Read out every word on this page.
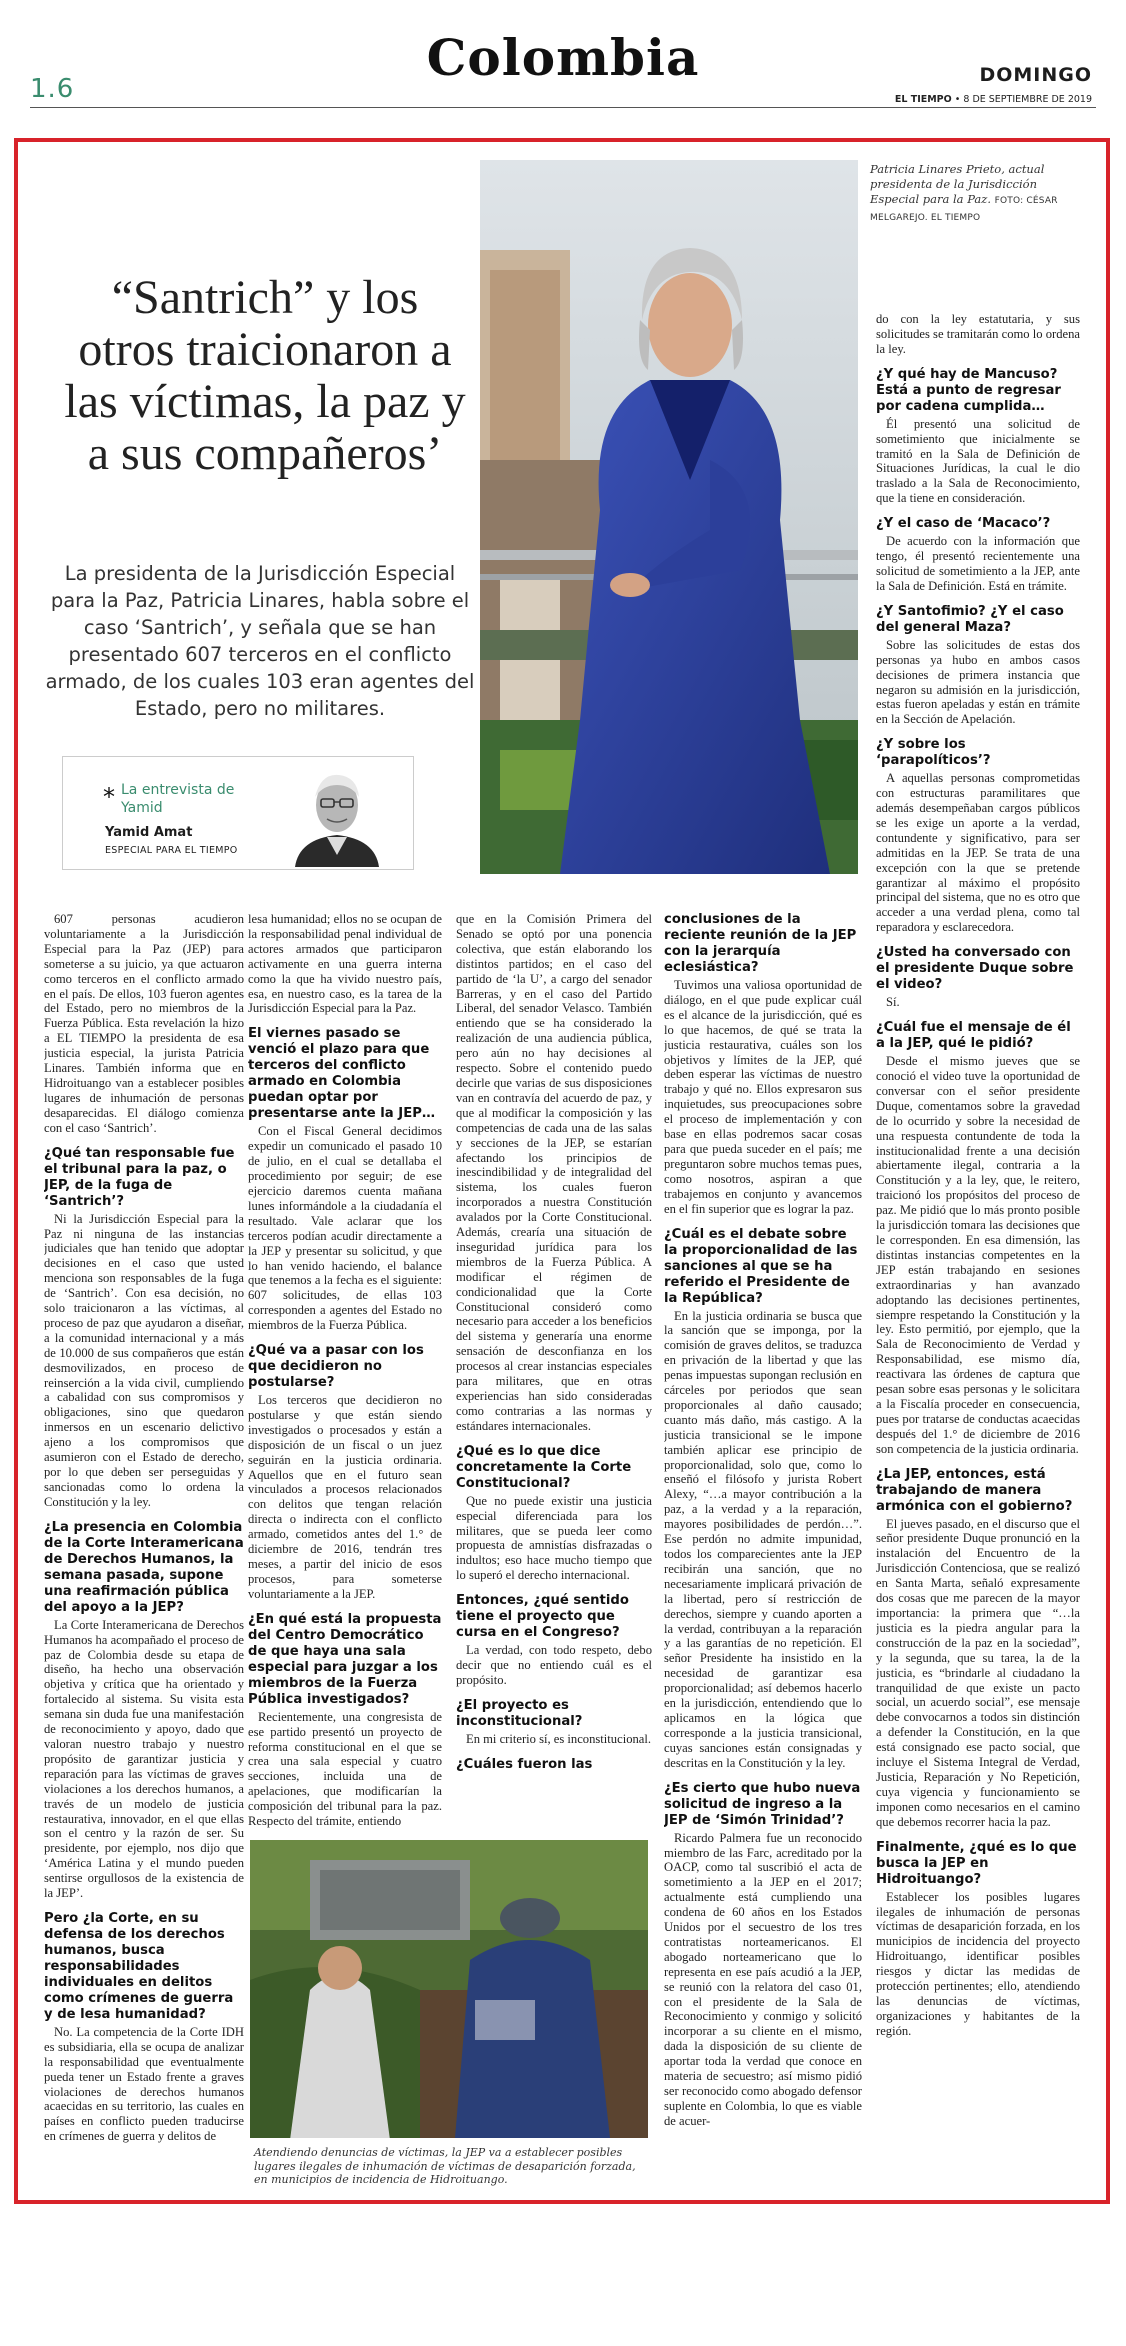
1.6
Colombia	DOMINGO
EL TIEMPO • 8 DE SEPTIEMBRE DE 2019
“Santrich” y los otros traicionaron a las víctimas, la paz y a sus compañeros’
La presidenta de la Jurisdicción Especial para la Paz, Patricia Linares, habla sobre el caso ‘Santrich’, y señala que se han presentado 607 terceros en el conflicto armado, de los cuales 103 eran agentes del Estado, pero no militares.
* La entrevista de Yamid
Yamid Amat
ESPECIAL PARA EL TIEMPO
Patricia Linares Prieto, actual presidenta de la Jurisdicción Especial para la Paz. FOTO: CÉSAR MELGAREJO. EL TIEMPO

607 personas acudieron voluntariamente a la Jurisdicción Especial para la Paz (JEP) para someterse a su juicio, ya que actuaron como terceros en el conflicto armado en el país. De ellos, 103 fueron agentes del Estado, pero no miembros de la Fuerza Pública. Esta revelación la hizo a EL TIEMPO la presidenta de esa justicia especial, la jurista Patricia Linares. También informa que en Hidroituango van a establecer posibles lugares de inhumación de personas desaparecidas. El diálogo comienza con el caso ‘Santrich’.

¿Qué tan responsable fue el tribunal para la paz, o JEP, de la fuga de ‘Santrich’?

Ni la Jurisdicción Especial para la Paz ni ninguna de las instancias judiciales que han tenido que adoptar decisiones en el caso que usted menciona son responsables de la fuga de ‘Santrich’. Con esa decisión, no solo traicionaron a las víctimas, al proceso de paz que ayudaron a diseñar, a la comunidad internacional y a más de 10.000 de sus compañeros que están desmovilizados, en proceso de reinserción a la vida civil, cumpliendo a cabalidad con sus compromisos y obligaciones, sino que quedaron inmersos en un escenario delictivo ajeno a los compromisos que asumieron con el Estado de derecho, por lo que deben ser perseguidas y sancionadas como lo ordena la Constitución y la ley.

¿La presencia en Colombia de la Corte Interamericana de Derechos Humanos, la semana pasada, supone una reafirmación pública del apoyo a la JEP?

La Corte Interamericana de Derechos Humanos ha acompañado el proceso de paz de Colombia desde su etapa de diseño, ha hecho una observación objetiva y crítica que ha orientado y fortalecido al sistema. Su visita esta semana sin duda fue una manifestación de reconocimiento y apoyo, dado que valoran nuestro trabajo y nuestro propósito de garantizar justicia y reparación para las víctimas de graves violaciones a los derechos humanos, a través de un modelo de justicia restaurativa, innovador, en el que ellas son el centro y la razón de ser. Su presidente, por ejemplo, nos dijo que ‘América Latina y el mundo pueden sentirse orgullosos de la existencia de la JEP’.

Pero ¿la Corte, en su defensa de los derechos humanos, busca responsabilidades individuales en delitos como crímenes de guerra y de lesa humanidad?

No. La competencia de la Corte IDH es subsidiaria, ella se ocupa de analizar la responsabilidad que eventualmente pueda tener un Estado frente a graves violaciones de derechos humanos acaecidas en su territorio, las cuales en países en conflicto pueden traducirse en crímenes de guerra y delitos de

lesa humanidad; ellos no se ocupan de la responsabilidad penal individual de actores armados que participaron activamente en una guerra interna como la que ha vivido nuestro país, esa, en nuestro caso, es la tarea de la Jurisdicción Especial para la Paz.

El viernes pasado se venció el plazo para que terceros del conflicto armado en Colombia puedan optar por presentarse ante la JEP…

Con el Fiscal General decidimos expedir un comunicado el pasado 10 de julio, en el cual se detallaba el procedimiento por seguir; de ese ejercicio daremos cuenta mañana lunes informándole a la ciudadanía el resultado. Vale aclarar que los terceros podían acudir directamente a la JEP y presentar su solicitud, y que lo han venido haciendo, el balance que tenemos a la fecha es el siguiente: 607 solicitudes, de ellas 103 corresponden a agentes del Estado no miembros de la Fuerza Pública.

¿Qué va a pasar con los que decidieron no postularse?

Los terceros que decidieron no postularse y que están siendo investigados o procesados y están a disposición de un fiscal o un juez seguirán en la justicia ordinaria. Aquellos que en el futuro sean vinculados a procesos relacionados con delitos que tengan relación directa o indirecta con el conflicto armado, cometidos antes del 1.° de diciembre de 2016, tendrán tres meses, a partir del inicio de esos procesos, para someterse voluntariamente a la JEP.

¿En qué está la propuesta del Centro Democrático de que haya una sala especial para juzgar a los miembros de la Fuerza Pública investigados?

Recientemente, una congresista de ese partido presentó un proyecto de reforma constitucional en el que se crea una sala especial y cuatro secciones, incluida una de apelaciones, que modificarían la composición del tribunal para la paz. Respecto del trámite, entiendo

que en la Comisión Primera del Senado se optó por una ponencia colectiva, que están elaborando los distintos partidos; en el caso del partido de ‘la U’, a cargo del senador Barreras, y en el caso del Partido Liberal, del senador Velasco. También entiendo que se ha considerado la realización de una audiencia pública, pero aún no hay decisiones al respecto. Sobre el contenido puedo decirle que varias de sus disposiciones van en contravía del acuerdo de paz, y que al modificar la composición y las competencias de cada una de las salas y secciones de la JEP, se estarían afectando los principios de inescindibilidad y de integralidad del sistema, los cuales fueron incorporados a nuestra Constitución avalados por la Corte Constitucional. Además, crearía una situación de inseguridad jurídica para los miembros de la Fuerza Pública. A modificar el régimen de condicionalidad que la Corte Constitucional consideró como necesario para acceder a los beneficios del sistema y generaría una enorme sensación de desconfianza en los procesos al crear instancias especiales para militares, que en otras experiencias han sido consideradas como contrarias a las normas y estándares internacionales.

¿Qué es lo que dice concretamente la Corte Constitucional?

Que no puede existir una justicia especial diferenciada para los militares, que se pueda leer como propuesta de amnistías disfrazadas o indultos; eso hace mucho tiempo que lo superó el derecho internacional.

Entonces, ¿qué sentido tiene el proyecto que cursa en el Congreso?

La verdad, con todo respeto, debo decir que no entiendo cuál es el propósito.

¿El proyecto es inconstitucional?

En mi criterio sí, es inconstitucional.

¿Cuáles fueron las
conclusiones de la reciente reunión de la JEP con la jerarquía eclesiástica?

Tuvimos una valiosa oportunidad de diálogo, en el que pude explicar cuál es el alcance de la jurisdicción, qué es lo que hacemos, de qué se trata la justicia restaurativa, cuáles son los objetivos y límites de la JEP, qué deben esperar las víctimas de nuestro trabajo y qué no. Ellos expresaron sus inquietudes, sus preocupaciones sobre el proceso de implementación y con base en ellas podremos sacar cosas para que pueda suceder en el país; me preguntaron sobre muchos temas pues, como nosotros, aspiran a que trabajemos en conjunto y avancemos en el fin superior que es lograr la paz.

¿Cuál es el debate sobre la proporcionalidad de las sanciones al que se ha referido el Presidente de la República?

En la justicia ordinaria se busca que la sanción que se imponga, por la comisión de graves delitos, se traduzca en privación de la libertad y que las penas impuestas supongan reclusión en cárceles por periodos que sean proporcionales al daño causado; cuanto más daño, más castigo. A la justicia transicional se le impone también aplicar ese principio de proporcionalidad, solo que, como lo enseñó el filósofo y jurista Robert Alexy, “…a mayor contribución a la paz, a la verdad y a la reparación, mayores posibilidades de perdón…”. Ese perdón no admite impunidad, todos los comparecientes ante la JEP recibirán una sanción, que no necesariamente implicará privación de la libertad, pero sí restricción de derechos, siempre y cuando aporten a la verdad, contribuyan a la reparación y a las garantías de no repetición. El señor Presidente ha insistido en la necesidad de garantizar esa proporcionalidad; así debemos hacerlo en la jurisdicción, entendiendo que lo aplicamos en la lógica que corresponde a la justicia transicional, cuyas sanciones están consignadas y descritas en la Constitución y la ley.

¿Es cierto que hubo nueva solicitud de ingreso a la JEP de ‘Simón Trinidad’?

Ricardo Palmera fue un reconocido miembro de las Farc, acreditado por la OACP, como tal suscribió el acta de sometimiento a la JEP en el 2017; actualmente está cumpliendo una condena de 60 años en los Estados Unidos por el secuestro de los tres contratistas norteamericanos. El abogado norteamericano que lo representa en ese país acudió a la JEP, se reunió con la relatora del caso 01, con el presidente de la Sala de Reconocimiento y conmigo y solicitó incorporar a su cliente en el mismo, dada la disposición de su cliente de aportar toda la verdad que conoce en materia de secuestro; así mismo pidió ser reconocido como abogado defensor suplente en Colombia, lo que es viable de acuer-

do con la ley estatutaria, y sus solicitudes se tramitarán como lo ordena la ley.

¿Y qué hay de Mancuso? Está a punto de regresar por cadena cumplida…

Él presentó una solicitud de sometimiento que inicialmente se tramitó en la Sala de Definición de Situaciones Jurídicas, la cual le dio traslado a la Sala de Reconocimiento, que la tiene en consideración.

¿Y el caso de ‘Macaco’?

De acuerdo con la información que tengo, él presentó recientemente una solicitud de sometimiento a la JEP, ante la Sala de Definición. Está en trámite.

¿Y Santofimio? ¿Y el caso del general Maza?

Sobre las solicitudes de estas dos personas ya hubo en ambos casos decisiones de primera instancia que negaron su admisión en la jurisdicción, estas fueron apeladas y están en trámite en la Sección de Apelación.

¿Y sobre los ‘parapolíticos’?

A aquellas personas comprometidas con estructuras paramilitares que además desempeñaban cargos públicos se les exige un aporte a la verdad, contundente y significativo, para ser admitidas en la JEP. Se trata de una excepción con la que se pretende garantizar al máximo el propósito principal del sistema, que no es otro que acceder a una verdad plena, como tal reparadora y esclarecedora.

¿Usted ha conversado con el presidente Duque sobre el video?

Sí.

¿Cuál fue el mensaje de él a la JEP, qué le pidió?

Desde el mismo jueves que se conoció el video tuve la oportunidad de conversar con el señor presidente Duque, comentamos sobre la gravedad de lo ocurrido y sobre la necesidad de una respuesta contundente de toda la institucionalidad frente a una decisión abiertamente ilegal, contraria a la Constitución y a la ley, que, le reitero, traicionó los propósitos del proceso de paz. Me pidió que lo más pronto posible la jurisdicción tomara las decisiones que le corresponden. En esa dimensión, las distintas instancias competentes en la JEP están trabajando en sesiones extraordinarias y han avanzado adoptando las decisiones pertinentes, siempre respetando la Constitución y la ley. Esto permitió, por ejemplo, que la Sala de Reconocimiento de Verdad y Responsabilidad, ese mismo día, reactivara las órdenes de captura que pesan sobre esas personas y le solicitara a la Fiscalía proceder en consecuencia, pues por tratarse de conductas acaecidas después del 1.° de diciembre de 2016 son competencia de la justicia ordinaria.

¿La JEP, entonces, está trabajando de manera armónica con el gobierno?

El jueves pasado, en el discurso que el señor presidente Duque pronunció en la instalación del Encuentro de la Jurisdicción Contenciosa, que se realizó en Santa Marta, señaló expresamente dos cosas que me parecen de la mayor importancia: la primera que “…la justicia es la piedra angular para la construcción de la paz en la sociedad”, y la segunda, que su tarea, la de la justicia, es “brindarle al ciudadano la tranquilidad de que existe un pacto social, un acuerdo social”, ese mensaje debe convocarnos a todos sin distinción a defender la Constitución, en la que está consignado ese pacto social, que incluye el Sistema Integral de Verdad, Justicia, Reparación y No Repetición, cuya vigencia y funcionamiento se imponen como necesarios en el camino que debemos recorrer hacia la paz.

Finalmente, ¿qué es lo que busca la JEP en Hidroituango?

Establecer los posibles lugares ilegales de inhumación de personas víctimas de desaparición forzada, en los municipios de incidencia del proyecto Hidroituango, identificar posibles riesgos y dictar las medidas de protección pertinentes; ello, atendiendo las denuncias de víctimas, organizaciones y habitantes de la región.

Atendiendo denuncias de víctimas, la JEP va a establecer posibles lugares ilegales de inhumación de víctimas de desaparición forzada, en municipios de incidencia de Hidroituango.
